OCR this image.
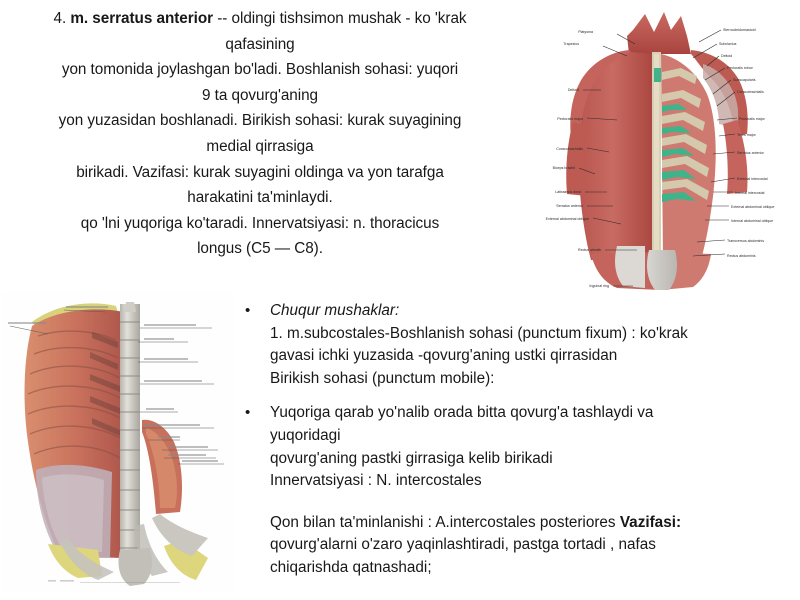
4. m. serratus anterior -- oldingi tishsimon mushak - ko 'krak
qafasining
yon tomonida joylashgan bo'ladi. Boshlanish sohasi: yuqori
9 ta qovurg'aning
yon yuzasidan boshlanadi. Birikish sohasi: kurak suyagining
medial qirrasiga
birikadi. Vazifasi: kurak suyagini oldinga va yon tarafga
harakatini ta'minlaydi.
qo 'lni yuqoriga ko'taradi. Innervatsiyasi: n. thoracicus
longus (C5 — C8).
•	Chuqur mushaklar:
1. m.subcostales-Boshlanish sohasi (punctum fixum) : ko'krak
gavasi ichki yuzasida -qovurg'aning ustki qirrasidan
Birikish sohasi (punctum mobile):
•	Yuqoriga qarab yo'nalib orada bitta qovurg'a tashlaydi va
yuqoridagi
qovurg'aning pastki girrasiga kelib birikadi
Innervatsiyasi : N. intercostales
Qon bilan ta'minlanishi : A.intercostales posteriores Vazifasi:
qovurg'alarni o'zaro yaqinlashtiradi, pastga tortadi , nafas
chiqarishda qatnashadi;
Platysma
Trapezius
Deltoid
Pectoralis major
Coracobrachialis
Biceps brachii
Latissimus dorsi
Serratus anterior
External abdominal oblique
Rectus sheath
Inguinal ring
Sternocleidomastoid
Subclavius
Deltoid
Pectoralis minor
Subscapularis
Coracobrachialis
Pectoralis major
Teres major
Serratus anterior
External intercostal
Internal intercostal
External abdominal oblique
Internal abdominal oblique
Transversus abdominis
Rectus abdominis
